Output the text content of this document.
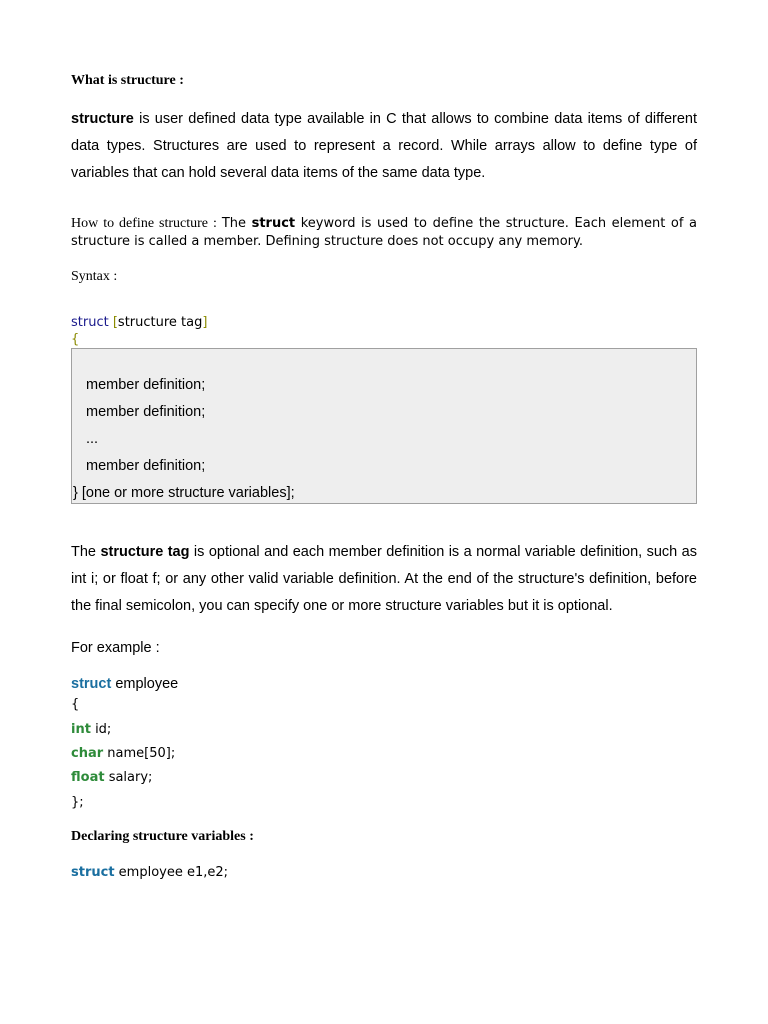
What is structure :
structure is user defined data type available in C that allows to combine data items of different data types. Structures are used to represent a record. While arrays allow to define type of variables that can hold several data items of the same data type.
How to define structure : The struct keyword is used to define the structure. Each element of a structure is called a member. Defining structure does not occupy any memory.
Syntax :
struct [structure tag]
{
member definition;
member definition;
...
member definition;
} [one or more structure variables];
The structure tag is optional and each member definition is a normal variable definition, such as int i; or float f; or any other valid variable definition. At the end of the structure's definition, before the final semicolon, you can specify one or more structure variables but it is optional.
For example :
struct employee
{
int id;
char name[50];
float salary;
};
Declaring structure variables :
struct employee e1,e2;
